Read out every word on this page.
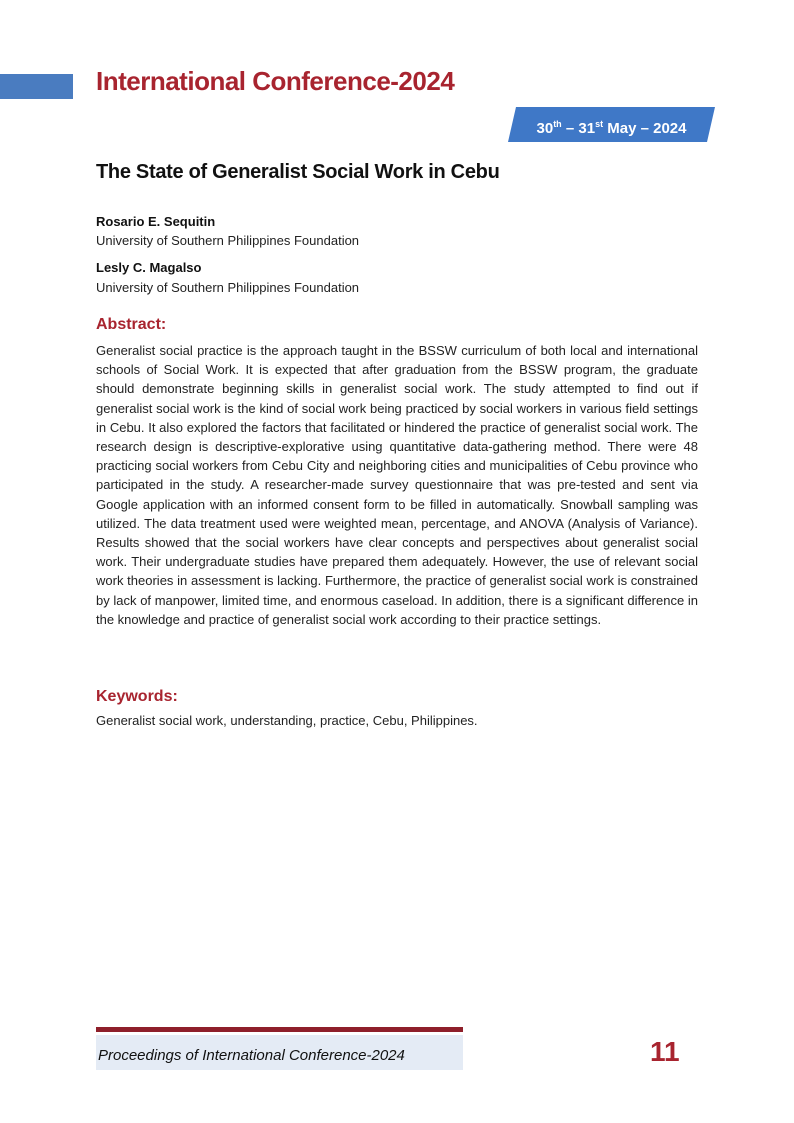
International Conference-2024
30th – 31st May – 2024
The State of Generalist Social Work in Cebu
Rosario E. Sequitin
University of Southern Philippines Foundation
Lesly C. Magalso
University of Southern Philippines Foundation
Abstract:
Generalist social practice is the approach taught in the BSSW curriculum of both local and international schools of Social Work. It is expected that after graduation from the BSSW program, the graduate should demonstrate beginning skills in generalist social work. The study attempted to find out if generalist social work is the kind of social work being practiced by social workers in various field settings in Cebu. It also explored the factors that facilitated or hindered the practice of generalist social work. The research design is descriptive-explorative using quantitative data-gathering method. There were 48 practicing social workers from Cebu City and neighboring cities and municipalities of Cebu province who participated in the study. A researcher-made survey questionnaire that was pre-tested and sent via Google application with an informed consent form to be filled in automatically. Snowball sampling was utilized. The data treatment used were weighted mean, percentage, and ANOVA (Analysis of Variance). Results showed that the social workers have clear concepts and perspectives about generalist social work. Their undergraduate studies have prepared them adequately. However, the use of relevant social work theories in assessment is lacking. Furthermore, the practice of generalist social work is constrained by lack of manpower, limited time, and enormous caseload. In addition, there is a significant difference in the knowledge and practice of generalist social work according to their practice settings.
Keywords:
Generalist social work, understanding, practice, Cebu, Philippines.
Proceedings of International Conference-2024	11
